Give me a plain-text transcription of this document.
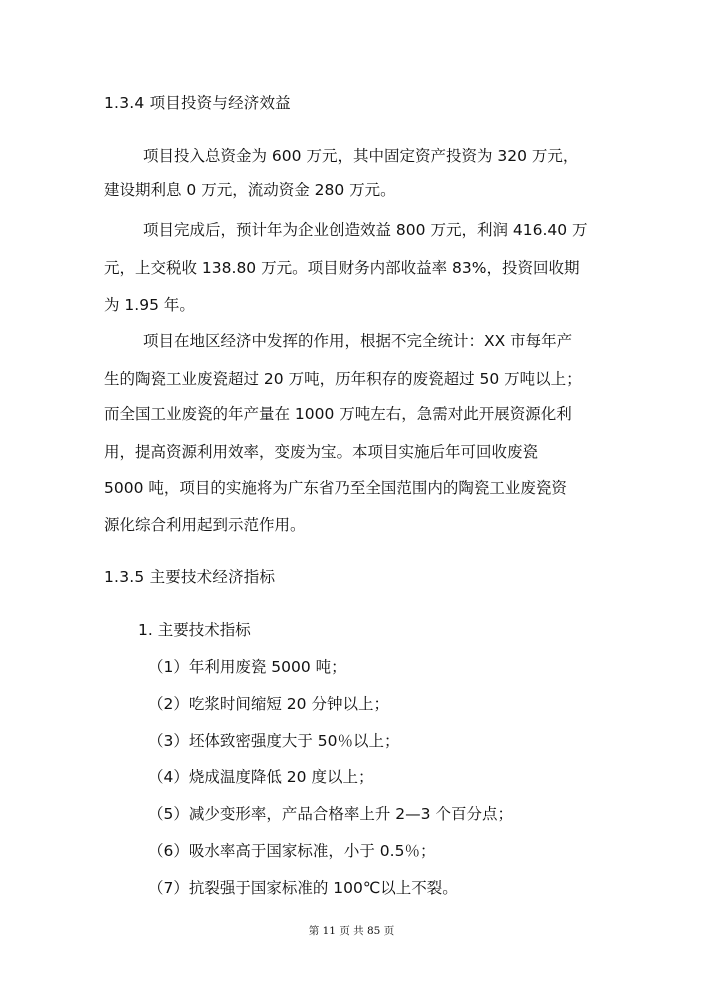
1.3.4 项目投资与经济效益
项目投入总资金为 600 万元，其中固定资产投资为 320 万元，
建设期利息 0 万元，流动资金 280 万元。
项目完成后，预计年为企业创造效益 800 万元，利润 416.40 万
元，上交税收 138.80 万元。项目财务内部收益率 83%，投资回收期
为 1.95 年。
项目在地区经济中发挥的作用，根据不完全统计：XX 市每年产
生的陶瓷工业废瓷超过 20 万吨，历年积存的废瓷超过 50 万吨以上；
而全国工业废瓷的年产量在 1000 万吨左右，急需对此开展资源化利
用，提高资源利用效率，变废为宝。本项目实施后年可回收废瓷
5000 吨，项目的实施将为广东省乃至全国范围内的陶瓷工业废瓷资
源化综合利用起到示范作用。
1.3.5 主要技术经济指标
1. 主要技术指标
（1）年利用废瓷 5000 吨；
（2）吃浆时间缩短 20 分钟以上；
（3）坯体致密强度大于 50％以上；
（4）烧成温度降低 20 度以上；
（5）减少变形率，产品合格率上升 2—3 个百分点；
（6）吸水率高于国家标准，小于 0.5％；
（7）抗裂强于国家标准的 100℃以上不裂。
第 11 页 共 85 页
